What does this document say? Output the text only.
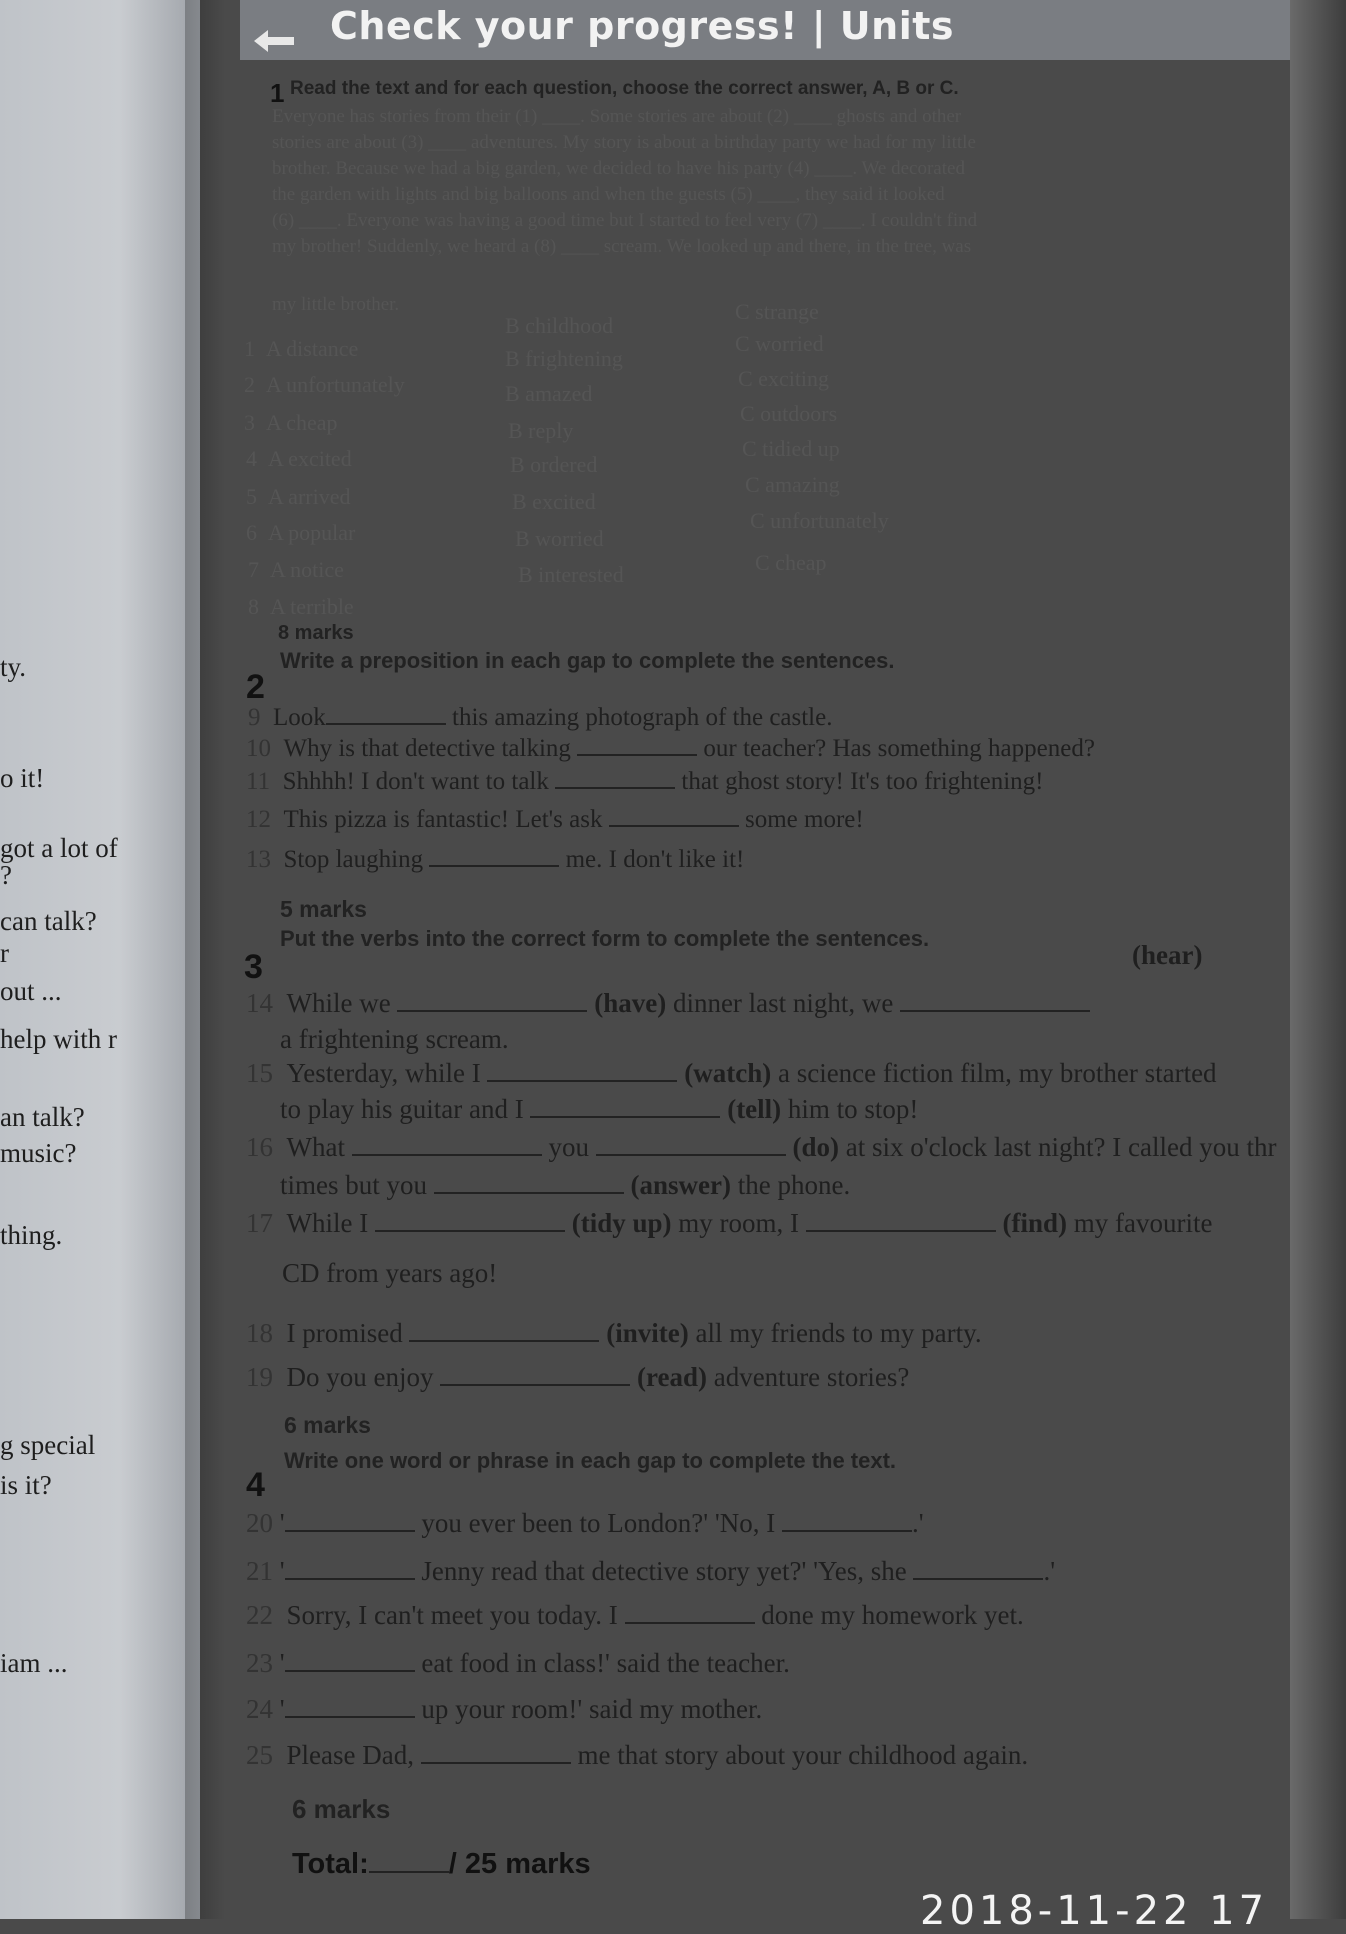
ty.
o it!
got a lot of
?
can talk?
r
out ...
help with r
an talk?
music?
thing.
g special
is it?
iam ...
Check your progress! | Units
1 Read the text and for each question, choose the correct answer, A, B or C.
Everyone has stories from their (1) ____. Some stories are about (2) ____ ghosts and other
stories are about (3) ____ adventures. My story is about a birthday party we had for my little
brother. Because we had a big garden, we decided to have his party (4) ____. We decorated
the garden with lights and big balloons and when the guests (5) ____, they said it looked
(6) ____. Everyone was having a good time but I started to feel very (7) ____. I couldn't find
my brother! Suddenly, we heard a (8) ____ scream. We looked up and there, in the tree, was
my little brother.
1 A distance
B childhood
C strange
2 A unfortunately
B frightening
C worried
3 A cheap
B amazed
C exciting
4 A excited
B reply
C outdoors
5 A arrived
B ordered
C tidied up
6 A popular
B excited
C amazing
7 A notice
B worried
C unfortunately
8 A terrible
B interested	C cheap
8 marks
2
Write a preposition in each gap to complete the sentences.
9 Look	this amazing photograph of the castle.
10 Why is that detective talking	our teacher? Has something happened?
11 Shhhh! I don't want to talk	that ghost story! It's too frightening!
12 This pizza is fantastic! Let's ask	some more!
13 Stop laughing	me. I don't like it!
5 marks
3
Put the verbs into the correct form to complete the sentences.
(hear)
14 While we	(have) dinner last night, we
a frightening scream.
15 Yesterday, while I	(watch) a science fiction film, my brother started
to play his guitar and I	(tell) him to stop!
16 What	you	(do) at six o'clock last night? I called you thr
times but you	(answer) the phone.
17 While I	(tidy up) my room, I	(find) my favourite
CD from years ago!
18 I promised	(invite) all my friends to my party.
19 Do you enjoy	(read) adventure stories?
6 marks
4
Write one word or phrase in each gap to complete the text.
20 '	you ever been to London?' 'No, I	.'
21 '	Jenny read that detective story yet?' 'Yes, she	.'
22 Sorry, I can't meet you today. I	done my homework yet.
23 '	eat food in class!' said the teacher.
24 '	up your room!' said my mother.
25 Please Dad,	me that story about your childhood again.
6 marks
Total:	/ 25 marks
2018-11-22 17
